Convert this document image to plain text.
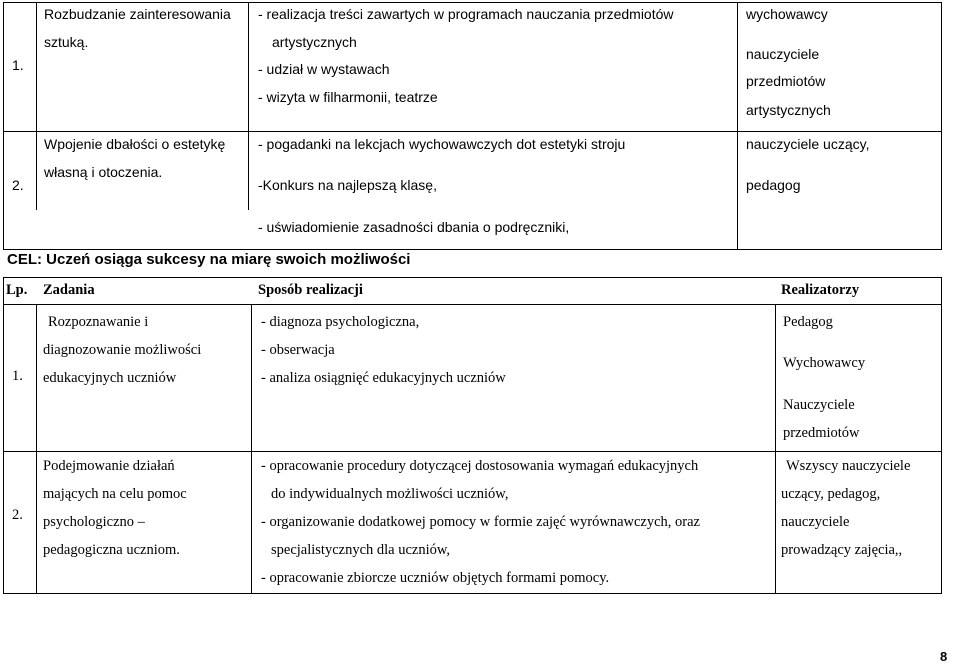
1.
Rozbudzanie zainteresowania
sztuką.
- realizacja treści zawartych w programach nauczania przedmiotów
artystycznych
- udział w wystawach
- wizyta w filharmonii, teatrze
wychowawcy
nauczyciele
przedmiotów
artystycznych
2.
Wpojenie dbałości o estetykę
własną i otoczenia.
- pogadanki na lekcjach wychowawczych dot estetyki stroju
-Konkurs na najlepszą klasę,
- uświadomienie zasadności dbania o podręczniki,
nauczyciele uczący,
pedagog
CEL: Uczeń osiąga sukcesy na miarę swoich możliwości
Lp. Zadania	Sposób realizacji	Realizatorzy
1.
Rozpoznawanie i
diagnozowanie możliwości
edukacyjnych uczniów
- diagnoza psychologiczna,
- obserwacja
- analiza osiągnięć edukacyjnych uczniów
Pedagog
Wychowawcy
Nauczyciele
przedmiotów
2.
Podejmowanie działań
mających na celu pomoc
psychologiczno –
pedagogiczna uczniom.
- opracowanie procedury dotyczącej dostosowania wymagań edukacyjnych
do indywidualnych możliwości uczniów,
- organizowanie dodatkowej pomocy w formie zajęć wyrównawczych, oraz
specjalistycznych dla uczniów,
- opracowanie zbiorcze uczniów objętych formami pomocy.
Wszyscy nauczyciele
uczący, pedagog,
nauczyciele
prowadzący zajęcia,,
8
